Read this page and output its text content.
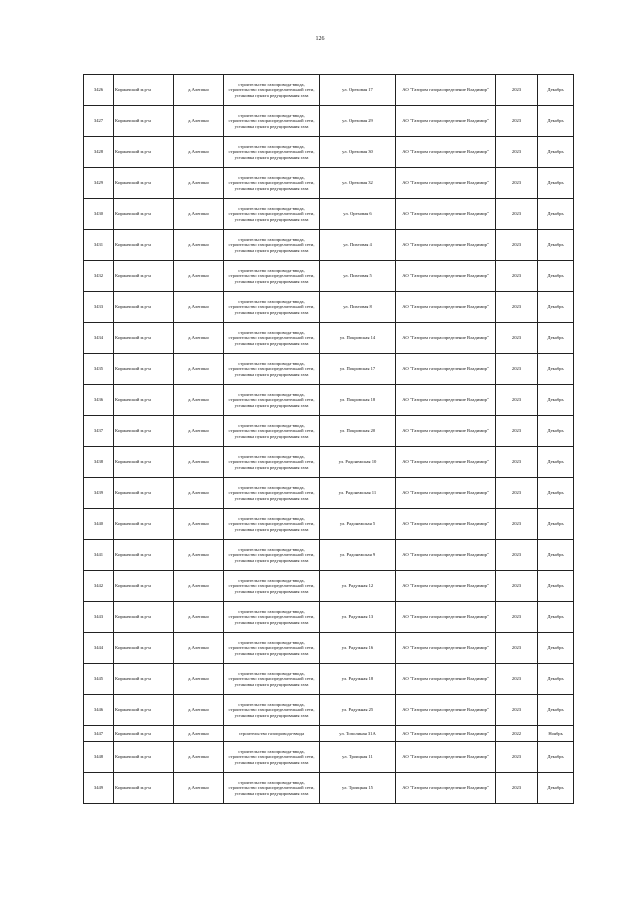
126
3426	Киржачский м.р-н	д.Алеппно	строительство газопровода-ввода, строительство газораспределительной сети, установка пункта редуцирования газа	ул. Ореховая 17	АО "Газпром газораспределение Владимир"	2023	Декабрь
3427	Киржачский м.р-н	д.Алеппно	строительство газопровода-ввода, строительство газораспределительной сети, установка пункта редуцирования газа	ул. Ореховая 29	АО "Газпром газораспределение Владимир"	2023	Декабрь
3428	Киржачский м.р-н	д.Алеппно	строительство газопровода-ввода, строительство газораспределительной сети, установка пункта редуцирования газа	ул. Ореховая 30	АО "Газпром газораспределение Владимир"	2023	Декабрь
3429	Киржачский м.р-н	д.Алеппно	строительство газопровода-ввода, строительство газораспределительной сети, установка пункта редуцирования газа	ул. Ореховая 32	АО "Газпром газораспределение Владимир"	2023	Декабрь
3430	Киржачский м.р-н	д.Алеппно	строительство газопровода-ввода, строительство газораспределительной сети, установка пункта редуцирования газа	ул. Ореховая 6	АО "Газпром газораспределение Владимир"	2023	Декабрь
3431	Киржачский м.р-н	д.Алеппно	строительство газопровода-ввода, строительство газораспределительной сети, установка пункта редуцирования газа	ул. Пихтовая 4	АО "Газпром газораспределение Владимир"	2023	Декабрь
3432	Киржачский м.р-н	д.Алеппно	строительство газопровода-ввода, строительство газораспределительной сети, установка пункта редуцирования газа	ул. Пихтовая 5	АО "Газпром газораспределение Владимир"	2023	Декабрь
3433	Киржачский м.р-н	д.Алеппно	строительство газопровода-ввода, строительство газораспределительной сети, установка пункта редуцирования газа	ул. Пихтовая 8	АО "Газпром газораспределение Владимир"	2023	Декабрь
3434	Киржачский м.р-н	д.Алеппно	строительство газопровода-ввода, строительство газораспределительной сети, установка пункта редуцирования газа	ул. Покровская 14	АО "Газпром газораспределение Владимир"	2023	Декабрь
3435	Киржачский м.р-н	д.Алеппно	строительство газопровода-ввода, строительство газораспределительной сети, установка пункта редуцирования газа	ул. Покровская 17	АО "Газпром газораспределение Владимир"	2023	Декабрь
3436	Киржачский м.р-н	д.Алеппно	строительство газопровода-ввода, строительство газораспределительной сети, установка пункта редуцирования газа	ул. Покровская 18	АО "Газпром газораспределение Владимир"	2023	Декабрь
3437	Киржачский м.р-н	д.Алеппно	строительство газопровода-ввода, строительство газораспределительной сети, установка пункта редуцирования газа	ул. Покровская 20	АО "Газпром газораспределение Владимир"	2023	Декабрь
3438	Киржачский м.р-н	д.Алеппно	строительство газопровода-ввода, строительство газораспределительной сети, установка пункта редуцирования газа	ул. Радонежская 10	АО "Газпром газораспределение Владимир"	2023	Декабрь
3439	Киржачский м.р-н	д.Алеппно	строительство газопровода-ввода, строительство газораспределительной сети, установка пункта редуцирования газа	ул. Радонежская 11	АО "Газпром газораспределение Владимир"	2023	Декабрь
3440	Киржачский м.р-н	д.Алеппно	строительство газопровода-ввода, строительство газораспределительной сети, установка пункта редуцирования газа	ул. Радонежская 5	АО "Газпром газораспределение Владимир"	2023	Декабрь
3441	Киржачский м.р-н	д.Алеппно	строительство газопровода-ввода, строительство газораспределительной сети, установка пункта редуцирования газа	ул. Радонежская 9	АО "Газпром газораспределение Владимир"	2023	Декабрь
3442	Киржачский м.р-н	д.Алеппно	строительство газопровода-ввода, строительство газораспределительной сети, установка пункта редуцирования газа	ул. Радужная 12	АО "Газпром газораспределение Владимир"	2023	Декабрь
3443	Киржачский м.р-н	д.Алеппно	строительство газопровода-ввода, строительство газораспределительной сети, установка пункта редуцирования газа	ул. Радужная 13	АО "Газпром газораспределение Владимир"	2023	Декабрь
3444	Киржачский м.р-н	д.Алеппно	строительство газопровода-ввода, строительство газораспределительной сети, установка пункта редуцирования газа	ул. Радужная 16	АО "Газпром газораспределение Владимир"	2023	Декабрь
3445	Киржачский м.р-н	д.Алеппно	строительство газопровода-ввода, строительство газораспределительной сети, установка пункта редуцирования газа	ул. Радужная 18	АО "Газпром газораспределение Владимир"	2023	Декабрь
3446	Киржачский м.р-н	д.Алеппно	строительство газопровода-ввода, строительство газораспределительной сети, установка пункта редуцирования газа	ул. Радужная 25	АО "Газпром газораспределение Владимир"	2023	Декабрь
3447	Киржачский м.р-н	д.Алеппно	строительство газопровода-ввода	ул. Тополиная 31А	АО "Газпром газораспределение Владимир"	2022	Ноябрь
3448	Киржачский м.р-н	д.Алеппно	строительство газопровода-ввода, строительство газораспределительной сети, установка пункта редуцирования газа	ул. Троицкая 11	АО "Газпром газораспределение Владимир"	2023	Декабрь
3449	Киржачский м.р-н	д.Алеппно	строительство газопровода-ввода, строительство газораспределительной сети, установка пункта редуцирования газа	ул. Троицкая 15	АО "Газпром газораспределение Владимир"	2023	Декабрь
